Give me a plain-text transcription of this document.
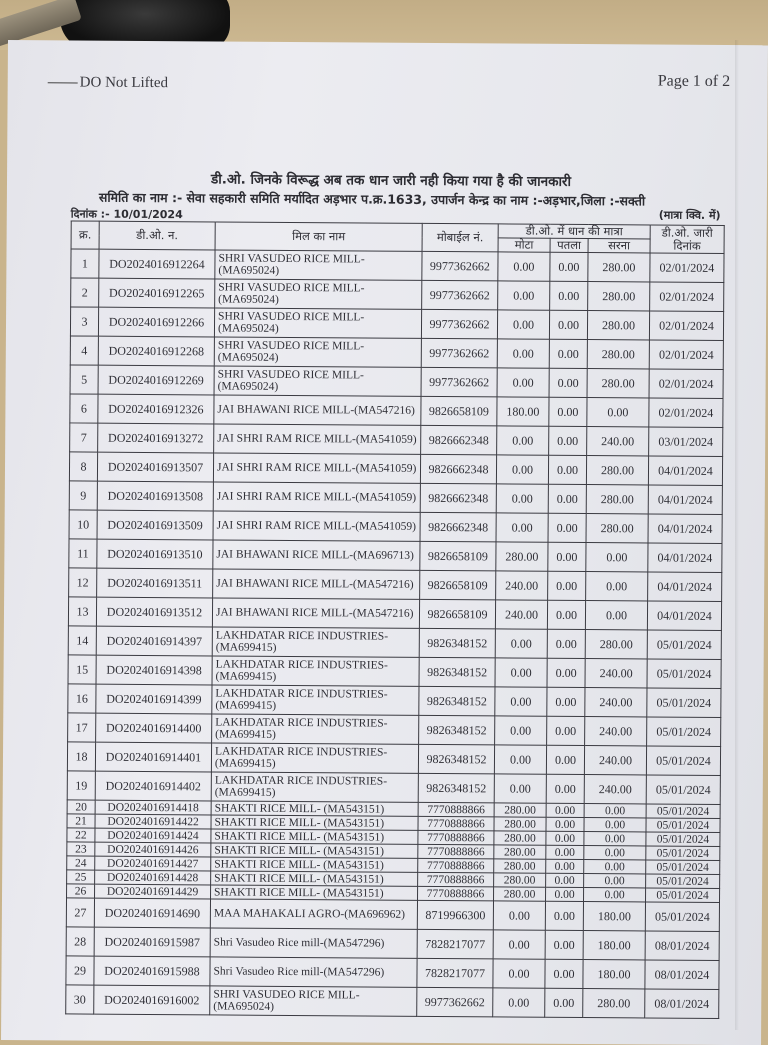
DO Not Lifted	Page 1 of 2
डी.ओ. जिनके विरूद्ध अब तक धान जारी नही किया गया है की जानकारी
समिति का नाम :- सेवा सहकारी समिति मर्यादित अड़भार प.क्र.1633, उपार्जन केन्द्र का नाम :-अड़भार,जिला :-सक्ती
दिनांक :- 10/01/2024	(मात्रा क्वि. में)
क्र.	डी.ओ. न.	मिल का नाम	मोबाईल नं.	डी.ओ. में धान की मात्रा			डी.ओ. जारी दिनांक
				मोटा	पतला	सरना	
1	DO2024016912264	SHRI VASUDEO RICE MILL-(MA695024)	9977362662	0.00	0.00	280.00	02/01/2024
2	DO2024016912265	SHRI VASUDEO RICE MILL-(MA695024)	9977362662	0.00	0.00	280.00	02/01/2024
3	DO2024016912266	SHRI VASUDEO RICE MILL-(MA695024)	9977362662	0.00	0.00	280.00	02/01/2024
4	DO2024016912268	SHRI VASUDEO RICE MILL-(MA695024)	9977362662	0.00	0.00	280.00	02/01/2024
5	DO2024016912269	SHRI VASUDEO RICE MILL-(MA695024)	9977362662	0.00	0.00	280.00	02/01/2024
6	DO2024016912326	JAI BHAWANI RICE MILL-(MA547216)	9826658109	180.00	0.00	0.00	02/01/2024
7	DO2024016913272	JAI SHRI RAM RICE MILL-(MA541059)	9826662348	0.00	0.00	240.00	03/01/2024
8	DO2024016913507	JAI SHRI RAM RICE MILL-(MA541059)	9826662348	0.00	0.00	280.00	04/01/2024
9	DO2024016913508	JAI SHRI RAM RICE MILL-(MA541059)	9826662348	0.00	0.00	280.00	04/01/2024
10	DO2024016913509	JAI SHRI RAM RICE MILL-(MA541059)	9826662348	0.00	0.00	280.00	04/01/2024
11	DO2024016913510	JAI BHAWANI RICE MILL-(MA696713)	9826658109	280.00	0.00	0.00	04/01/2024
12	DO2024016913511	JAI BHAWANI RICE MILL-(MA547216)	9826658109	240.00	0.00	0.00	04/01/2024
13	DO2024016913512	JAI BHAWANI RICE MILL-(MA547216)	9826658109	240.00	0.00	0.00	04/01/2024
14	DO2024016914397	LAKHDATAR RICE INDUSTRIES- (MA699415)	9826348152	0.00	0.00	280.00	05/01/2024
15	DO2024016914398	LAKHDATAR RICE INDUSTRIES- (MA699415)	9826348152	0.00	0.00	240.00	05/01/2024
16	DO2024016914399	LAKHDATAR RICE INDUSTRIES- (MA699415)	9826348152	0.00	0.00	240.00	05/01/2024
17	DO2024016914400	LAKHDATAR RICE INDUSTRIES- (MA699415)	9826348152	0.00	0.00	240.00	05/01/2024
18	DO2024016914401	LAKHDATAR RICE INDUSTRIES- (MA699415)	9826348152	0.00	0.00	240.00	05/01/2024
19	DO2024016914402	LAKHDATAR RICE INDUSTRIES- (MA699415)	9826348152	0.00	0.00	240.00	05/01/2024
20	DO2024016914418	SHAKTI RICE MILL- (MA543151)	7770888866	280.00	0.00	0.00	05/01/2024
21	DO2024016914422	SHAKTI RICE MILL- (MA543151)	7770888866	280.00	0.00	0.00	05/01/2024
22	DO2024016914424	SHAKTI RICE MILL- (MA543151)	7770888866	280.00	0.00	0.00	05/01/2024
23	DO2024016914426	SHAKTI RICE MILL- (MA543151)	7770888866	280.00	0.00	0.00	05/01/2024
24	DO2024016914427	SHAKTI RICE MILL- (MA543151)	7770888866	280.00	0.00	0.00	05/01/2024
25	DO2024016914428	SHAKTI RICE MILL- (MA543151)	7770888866	280.00	0.00	0.00	05/01/2024
26	DO2024016914429	SHAKTI RICE MILL- (MA543151)	7770888866	280.00	0.00	0.00	05/01/2024
27	DO2024016914690	MAA MAHAKALI AGRO-(MA696962)	8719966300	0.00	0.00	180.00	05/01/2024
28	DO2024016915987	Shri Vasudeo Rice mill-(MA547296)	7828217077	0.00	0.00	180.00	08/01/2024
29	DO2024016915988	Shri Vasudeo Rice mill-(MA547296)	7828217077	0.00	0.00	180.00	08/01/2024
30	DO2024016916002	SHRI VASUDEO RICE MILL-(MA695024)	9977362662	0.00	0.00	280.00	08/01/2024
